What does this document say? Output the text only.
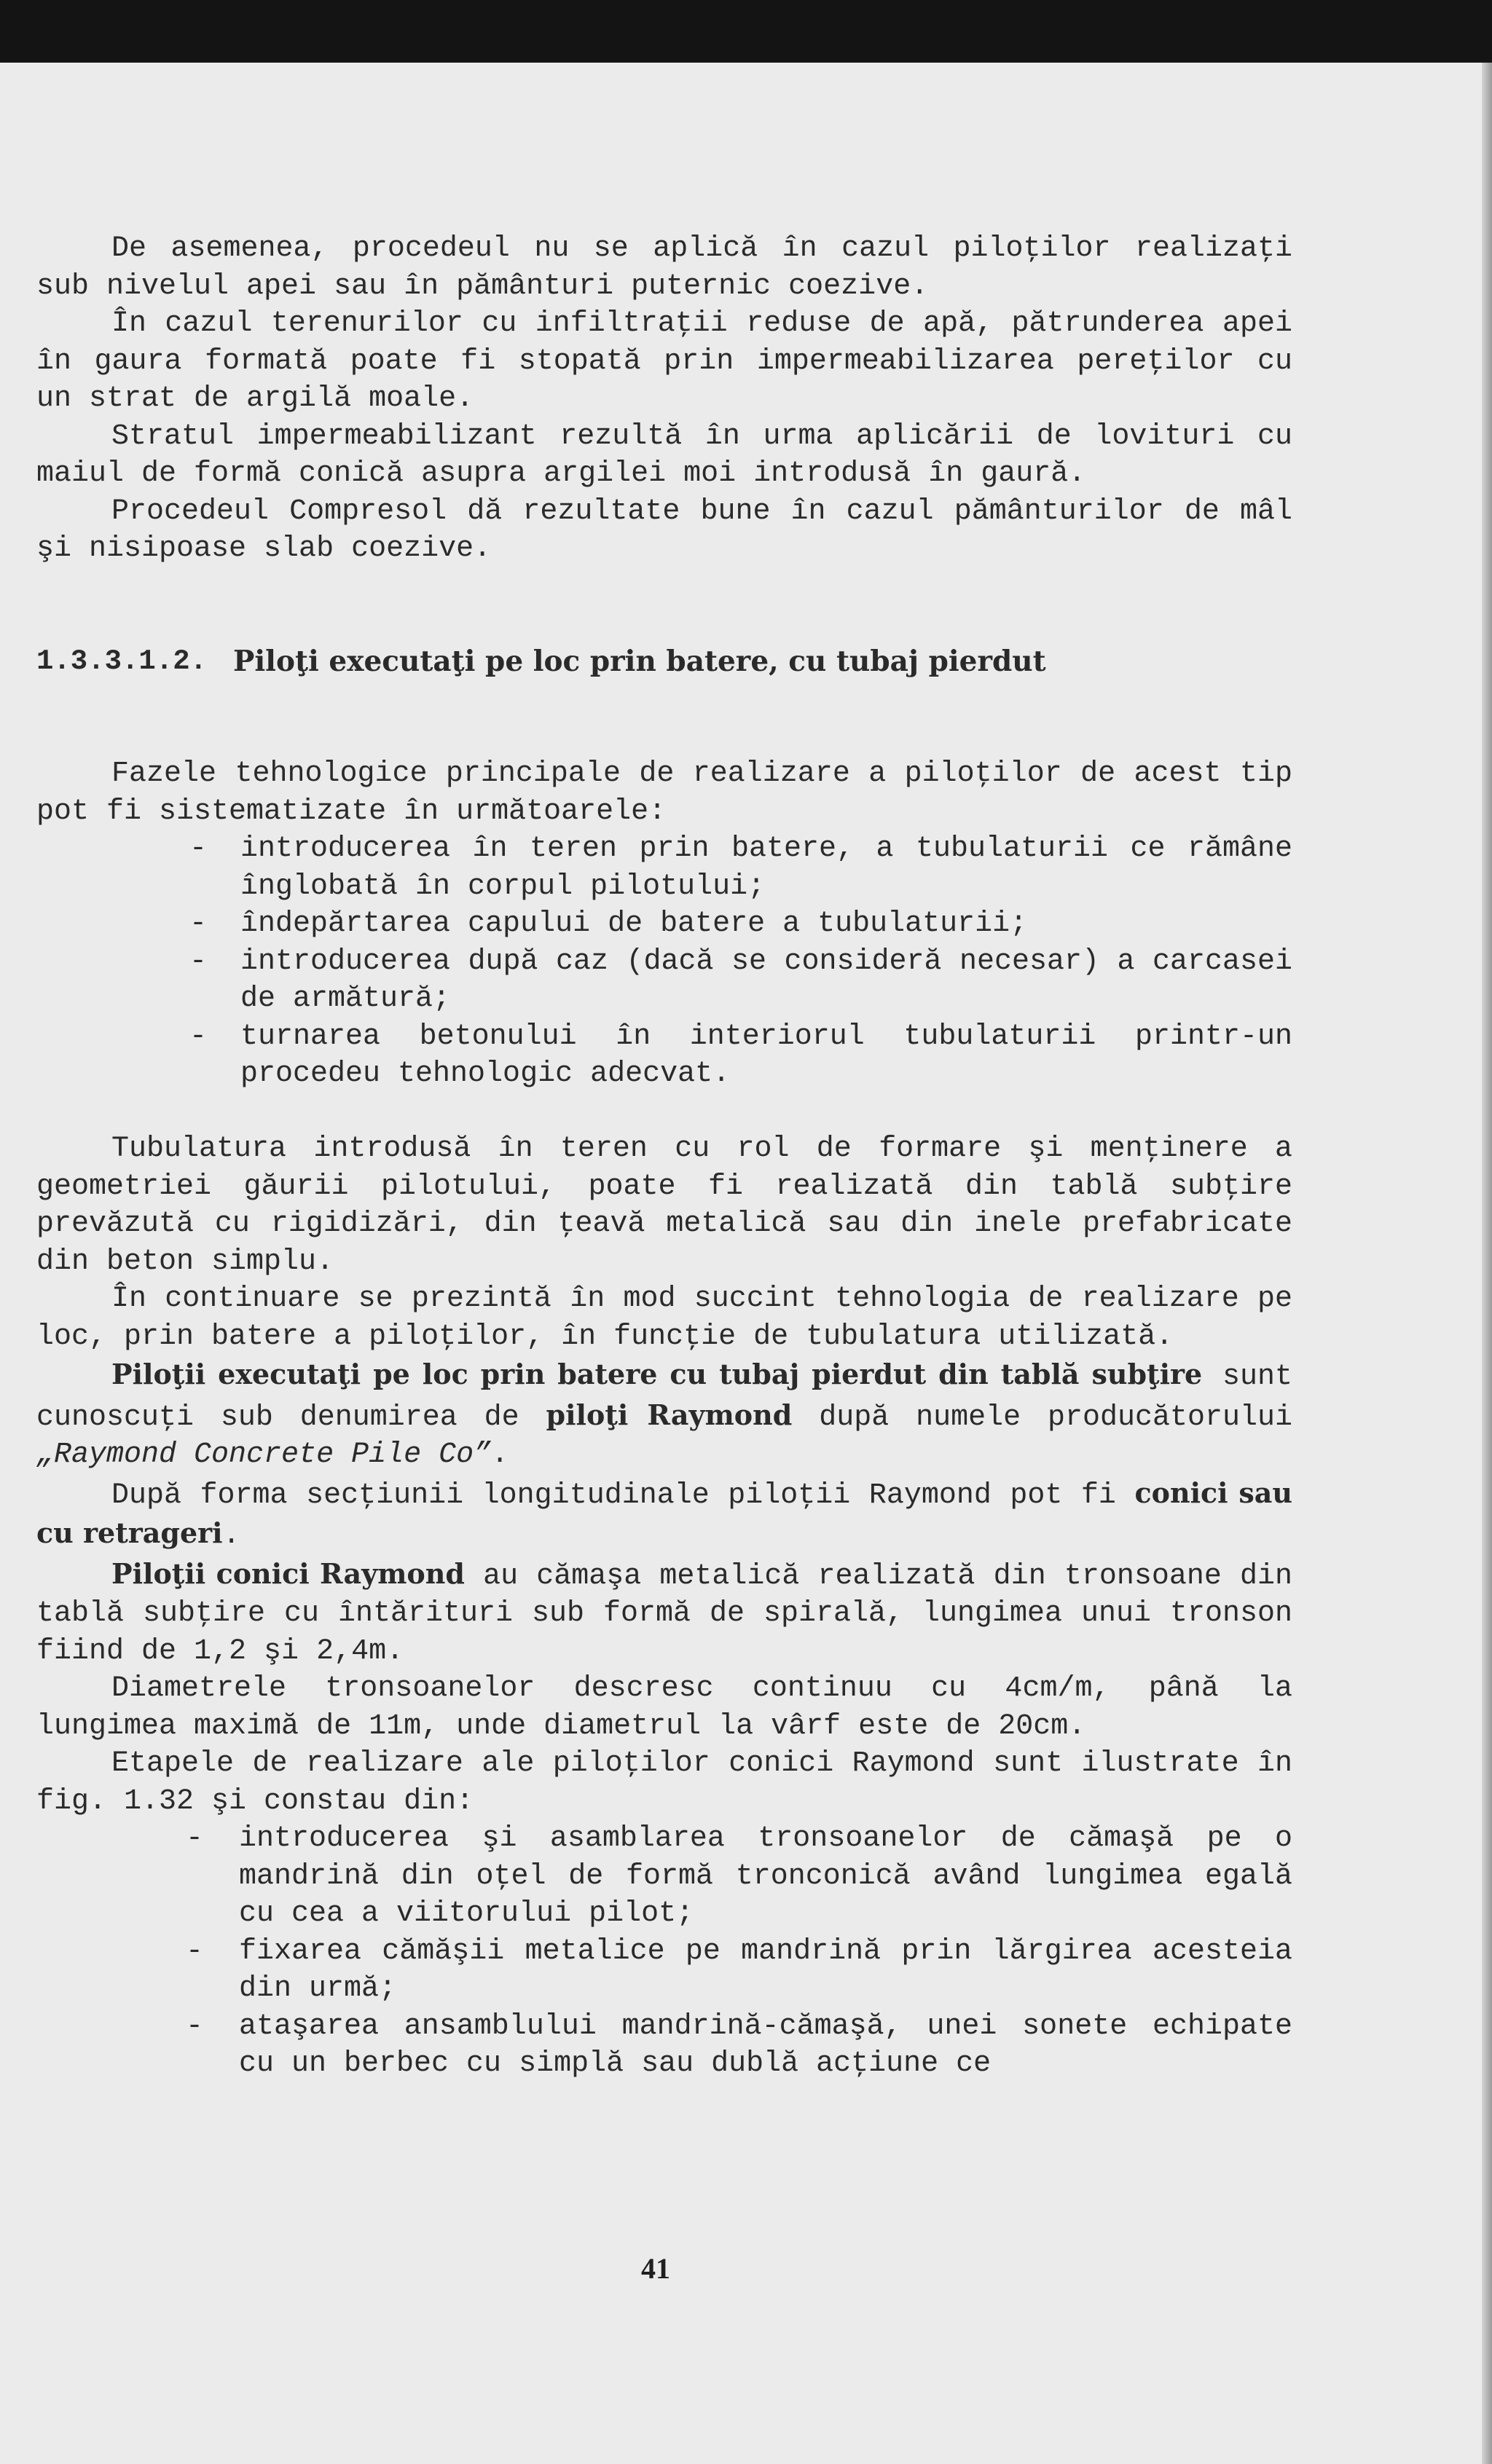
De asemenea, procedeul nu se aplică în cazul piloţilor realizaţi sub nivelul apei sau în pământuri puternic coezive.

În cazul terenurilor cu infiltraţii reduse de apă, pătrunderea apei în gaura formată poate fi stopată prin impermeabilizarea pereţilor cu un strat de argilă moale.

Stratul impermeabilizant rezultă în urma aplicării de lovituri cu maiul de formă conică asupra argilei moi introdusă în gaură.

Procedeul Compresol dă rezultate bune în cazul pământurilor de mâl şi nisipoase slab coezive.

1.3.3.1.2. Piloţi executaţi pe loc prin batere, cu tubaj pierdut

Fazele tehnologice principale de realizare a piloţilor de acest tip pot fi sistematizate în următoarele:

- introducerea în teren prin batere, a tubulaturii ce rămâne înglobată în corpul pilotului;
- îndepărtarea capului de batere a tubulaturii;
- introducerea după caz (dacă se consideră necesar) a carcasei de armătură;
- turnarea betonului în interiorul tubulaturii printr-un procedeu tehnologic adecvat.

Tubulatura introdusă în teren cu rol de formare şi menţinere a geometriei găurii pilotului, poate fi realizată din tablă subţire prevăzută cu rigidizări, din ţeavă metalică sau din inele prefabricate din beton simplu.

În continuare se prezintă în mod succint tehnologia de realizare pe loc, prin batere a piloţilor, în funcţie de tubulatura utilizată.

Piloţii executaţi pe loc prin batere cu tubaj pierdut din tablă subţire sunt cunoscuţi sub denumirea de piloţi Raymond după numele producătorului „Raymond Concrete Pile Co”.

După forma secţiunii longitudinale piloţii Raymond pot fi conici sau cu retrageri.

Piloţii conici Raymond au cămaşa metalică realizată din tronsoane din tablă subţire cu întărituri sub formă de spirală, lungimea unui tronson fiind de 1,2 şi 2,4m.

Diametrele tronsoanelor descresc continuu cu 4cm/m, până la lungimea maximă de 11m, unde diametrul la vârf este de 20cm.

Etapele de realizare ale piloţilor conici Raymond sunt ilustrate în fig. 1.32 şi constau din:

- introducerea şi asamblarea tronsoanelor de cămaşă pe o mandrină din oţel de formă tronconică având lungimea egală cu cea a viitorului pilot;
- fixarea cămăşii metalice pe mandrină prin lărgirea acesteia din urmă;
- ataşarea ansamblului mandrină-cămaşă, unei sonete echipate cu un berbec cu simplă sau dublă acţiune ce
41
